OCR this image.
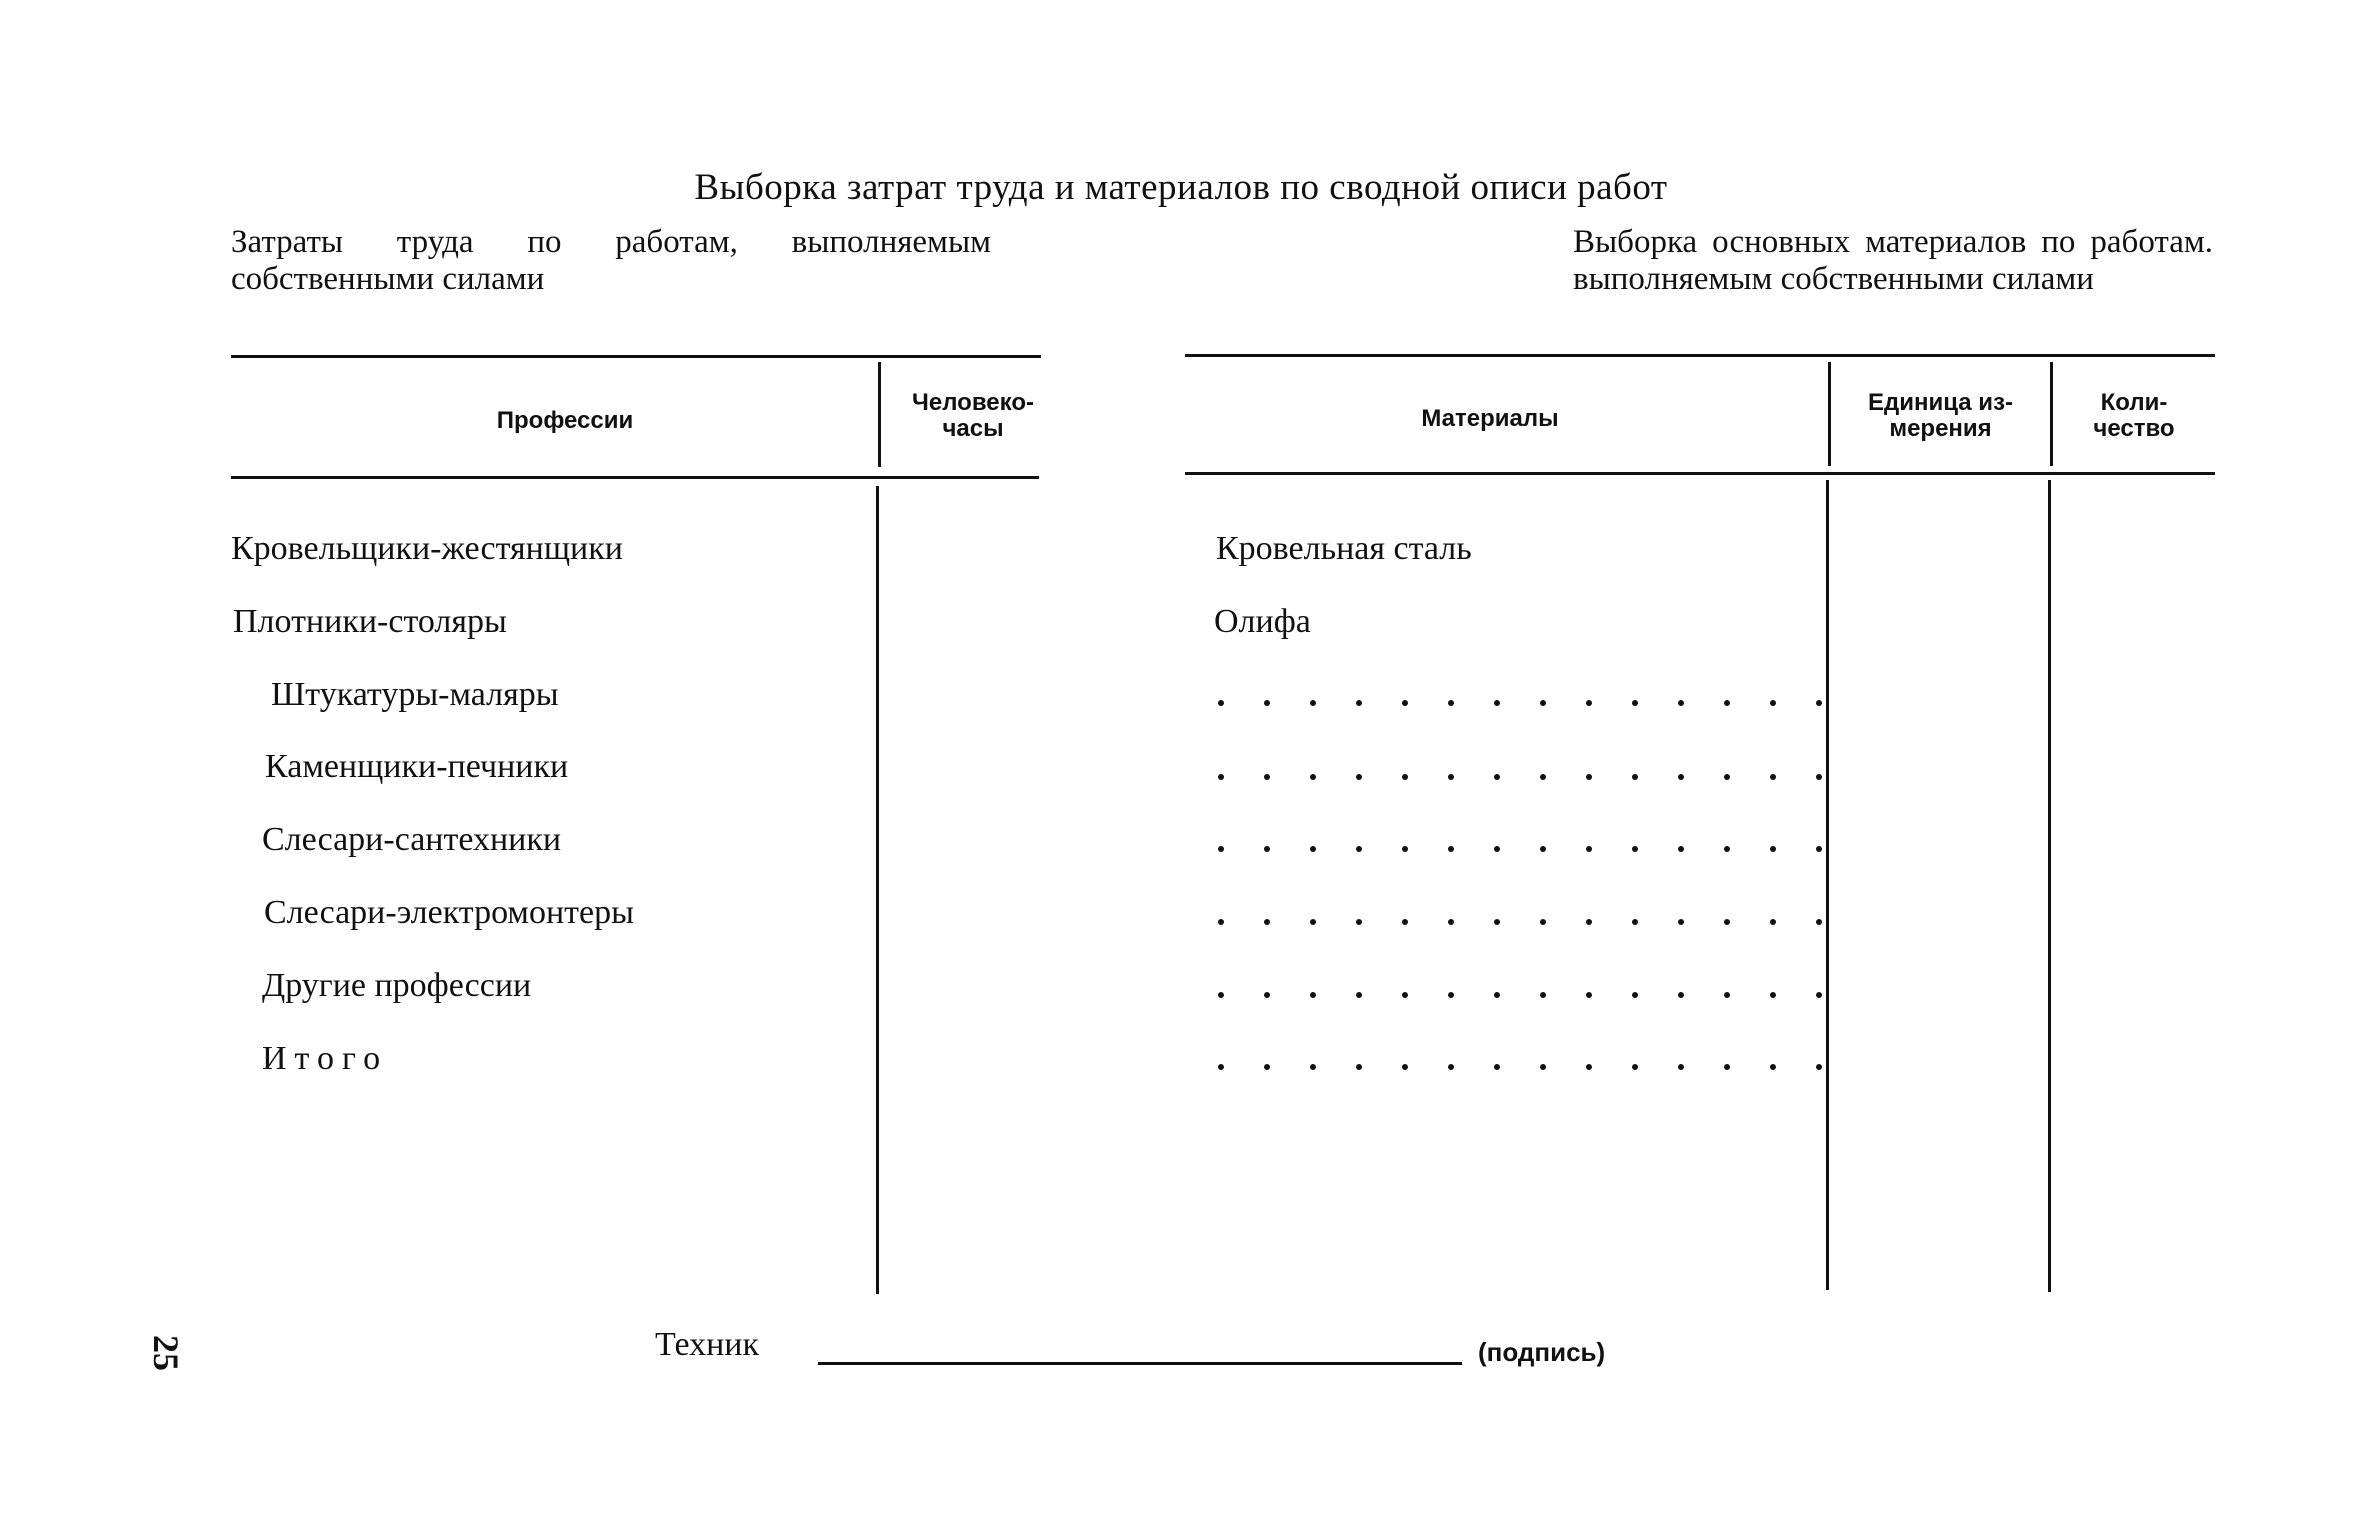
Выборка затрат труда и материалов по сводной описи работ
Затраты труда по работам, выполняемым собственными силами
Выборка основных материалов по работам. выполняемым собственными силами
Профессии
Человеко-
часы
Кровельщики-жестянщики
Плотники-столяры
Штукатуры-маляры
Каменщики-печники
Слесари-сантехники
Слесари-электромонтеры
Другие профессии
Итого
Материалы
Единица из-
мерения
Коли-
чество
Кровельная сталь
Олифа
Техник	(подпись)
25
